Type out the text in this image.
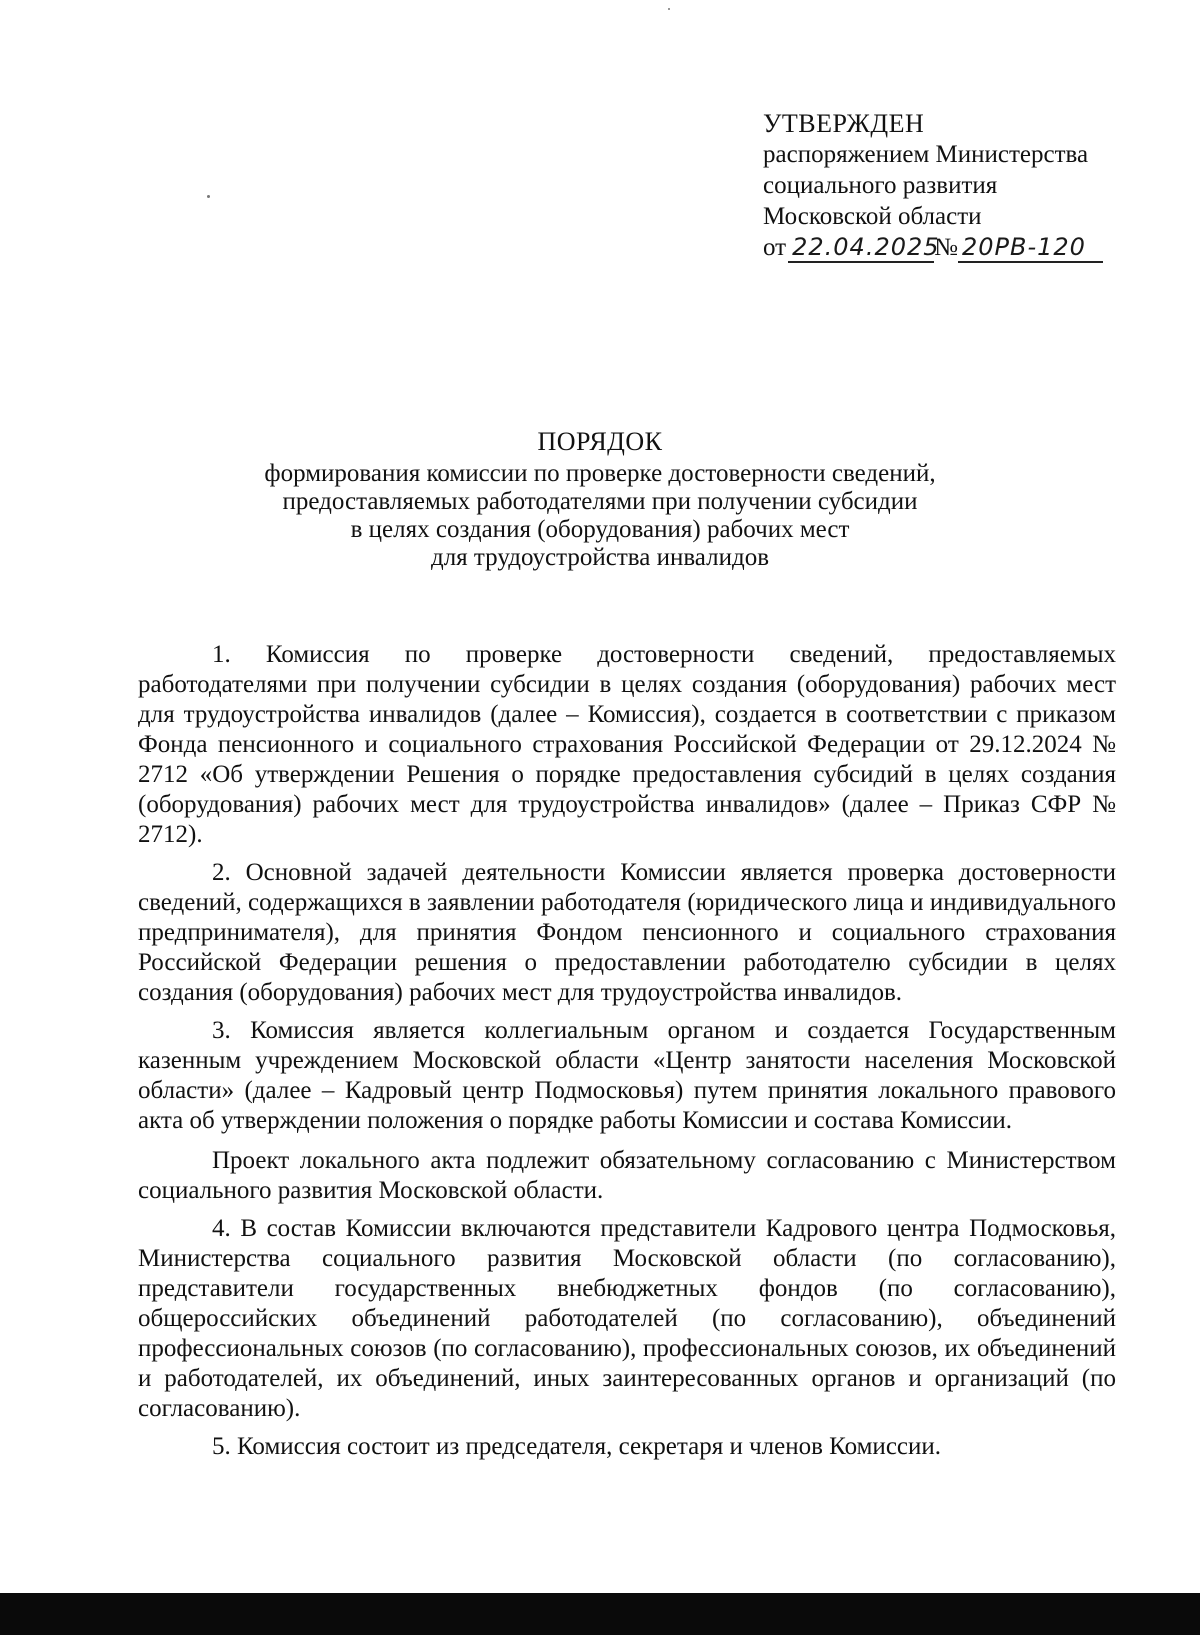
УТВЕРЖДЕН
распоряжением Министерства
социального развития
Московской области
от 22.04.2025
№ 20РВ-120
ПОРЯДОК
формирования комиссии по проверке достоверности сведений,
предоставляемых работодателями при получении субсидии
в целях создания (оборудования) рабочих мест
для трудоустройства инвалидов

1. Комиссия по проверке достоверности сведений, предоставляемых работодателями при получении субсидии в целях создания (оборудования) рабочих мест для трудоустройства инвалидов (далее – Комиссия), создается в соответствии с приказом Фонда пенсионного и социального страхования Российской Федерации от 29.12.2024 № 2712 «Об утверждении Решения о порядке предоставления субсидий в целях создания (оборудования) рабочих мест для трудоустройства инвалидов» (далее – Приказ СФР № 2712).

2. Основной задачей деятельности Комиссии является проверка достоверности сведений, содержащихся в заявлении работодателя (юридического лица и индивидуального предпринимателя), для принятия Фондом пенсионного и социального страхования Российской Федерации решения о предоставлении работодателю субсидии в целях создания (оборудования) рабочих мест для трудоустройства инвалидов.

3. Комиссия является коллегиальным органом и создается Государственным казенным учреждением Московской области «Центр занятости населения Московской области» (далее – Кадровый центр Подмосковья) путем принятия локального правового акта об утверждении положения о порядке работы Комиссии и состава Комиссии.

Проект локального акта подлежит обязательному согласованию с Министерством социального развития Московской области.

4. В состав Комиссии включаются представители Кадрового центра Подмосковья, Министерства социального развития Московской области (по согласованию), представители государственных внебюджетных фондов (по согласованию), общероссийских объединений работодателей (по согласованию), объединений профессиональных союзов (по согласованию), профессиональных союзов, их объединений и работодателей, их объединений, иных заинтересованных органов и организаций (по согласованию).

5. Комиссия состоит из председателя, секретаря и членов Комиссии.
